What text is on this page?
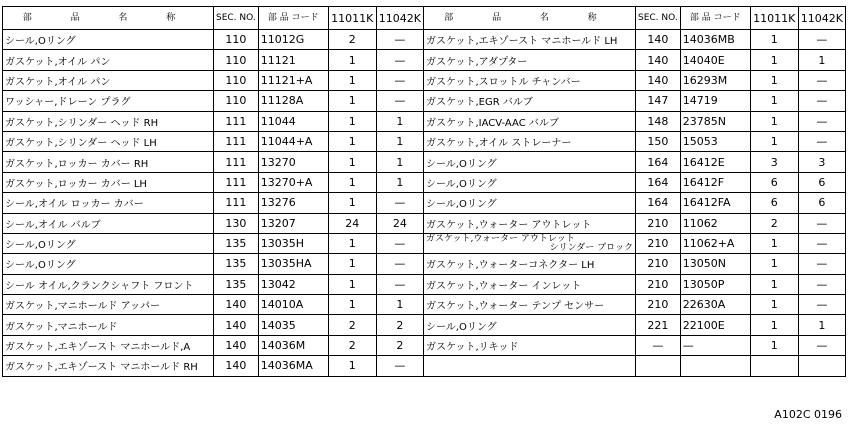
部 品 名 称	SEC. NO.	部 品 コード	11011K	11042K
シール,Oリング	110	11012G	2	—
ガスケット,オイル パン	110	11121	1	—
ガスケット,オイル パン	110	11121+A	1	—
ワッシャー,ドレーン プラグ	110	11128A	1	—
ガスケット,シリンダー ヘッド RH	111	11044	1	1
ガスケット,シリンダー ヘッド LH	111	11044+A	1	1
ガスケット,ロッカー カバー RH	111	13270	1	1
ガスケット,ロッカー カバー LH	111	13270+A	1	1
シール,オイル ロッカー カバー	111	13276	1	—
シール,オイル バルブ	130	13207	24	24
シール,Oリング	135	13035H	1	—
シール,Oリング	135	13035HA	1	—
シール オイル,クランクシャフト フロント	135	13042	1	—
ガスケット,マニホールド アッパー	140	14010A	1	1
ガスケット,マニホールド	140	14035	2	2
ガスケット,エキゾースト マニホールド,A	140	14036M	2	2
ガスケット,エキゾースト マニホールド RH	140	14036MA	1	—
部 品 名 称	SEC. NO.	部 品 コード	11011K	11042K
ガスケット,エキゾースト マニホールド LH	140	14036MB	1	—
ガスケット,アダプター	140	14040E	1	1
ガスケット,スロットル チャンバー	140	16293M	1	—
ガスケット,EGR バルブ	147	14719	1	—
ガスケット,IACV-AAC バルブ	148	23785N	1	—
ガスケット,オイル ストレーナー	150	15053	1	—
シール,Oリング	164	16412E	3	3
シール,Oリング	164	16412F	6	6
シール,Oリング	164	16412FA	6	6
ガスケット,ウォーター アウトレット	210	11062	2	—

ガスケット,ウォーター アウトレット
シリンダー ブロック	210	11062+A	1	—
ガスケット,ウォーターコネクター LH	210	13050N	1	—
ガスケット,ウォーター インレット	210	13050P	1	—
ガスケット,ウォーター テンプ センサー	210	22630A	1	—
シール,Oリング	221	22100E	1	1
ガスケット,リキッド	—	—	1	—

A102C 0196
